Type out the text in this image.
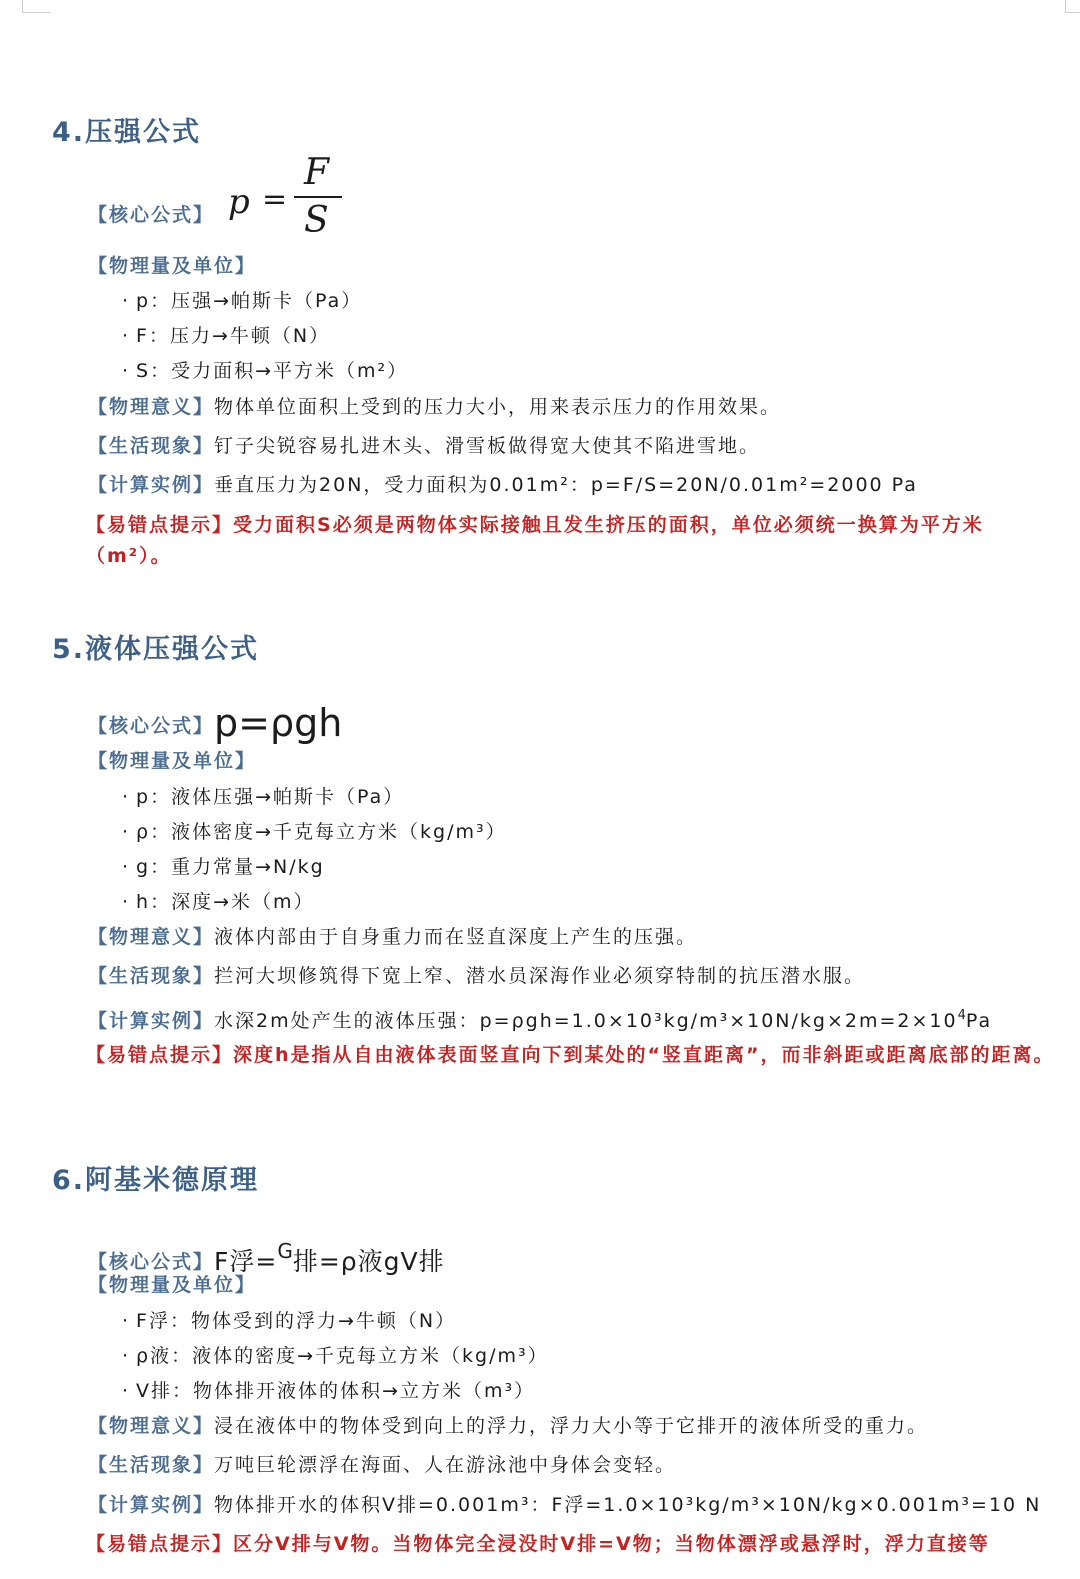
4.压强公式
【核心公式】 p =
F
S
【物理量及单位】
· p：压强→帕斯卡（Pa）
· F：压力→牛顿（N）
· S：受力面积→平方米（m²）
【物理意义】物体单位面积上受到的压力大小，用来表示压力的作用效果。
【生活现象】钉子尖锐容易扎进木头、滑雪板做得宽大使其不陷进雪地。
【计算实例】垂直压力为20N，受力面积为0.01m²：p=F/S=20N/0.01m²=2000 Pa
【易错点提示】受力面积S必须是两物体实际接触且发生挤压的面积，单位必须统一换算为平方米（m²）。
5.液体压强公式
【核心公式】p=ρgh
【物理量及单位】
· p：液体压强→帕斯卡（Pa）
· ρ：液体密度→千克每立方米（kg/m³）
· g：重力常量→N/kg
· h：深度→米（m）
【物理意义】液体内部由于自身重力而在竖直深度上产生的压强。
【生活现象】拦河大坝修筑得下宽上窄、潜水员深海作业必须穿特制的抗压潜水服。
【计算实例】水深2m处产生的液体压强：$p=\rho gh=1.0\times 10^3kg/m^3\times 10N/kg\times 2m=2\times 10^4Pa$
【易错点提示】深度h是指从自由液体表面竖直向下到某处的“竖直距离”，而非斜距或距离底部的距离。
6.阿基米德原理
【核心公式】F浮=G排=ρ液gV排
【物理量及单位】
· F浮：物体受到的浮力→牛顿（N）
· ρ液：液体的密度→千克每立方米（kg/m³）
· V排：物体排开液体的体积→立方米（m³）
【物理意义】浸在液体中的物体受到向上的浮力，浮力大小等于它排开的液体所受的重力。
【生活现象】万吨巨轮漂浮在海面、人在游泳池中身体会变轻。
【计算实例】物体排开水的体积V排=0.001m³：F浮=1.0×10³kg/m³×10N/kg×0.001m³=10 N
【易错点提示】区分V排与V物。当物体完全浸没时V排=V物；当物体漂浮或悬浮时，浮力直接等
